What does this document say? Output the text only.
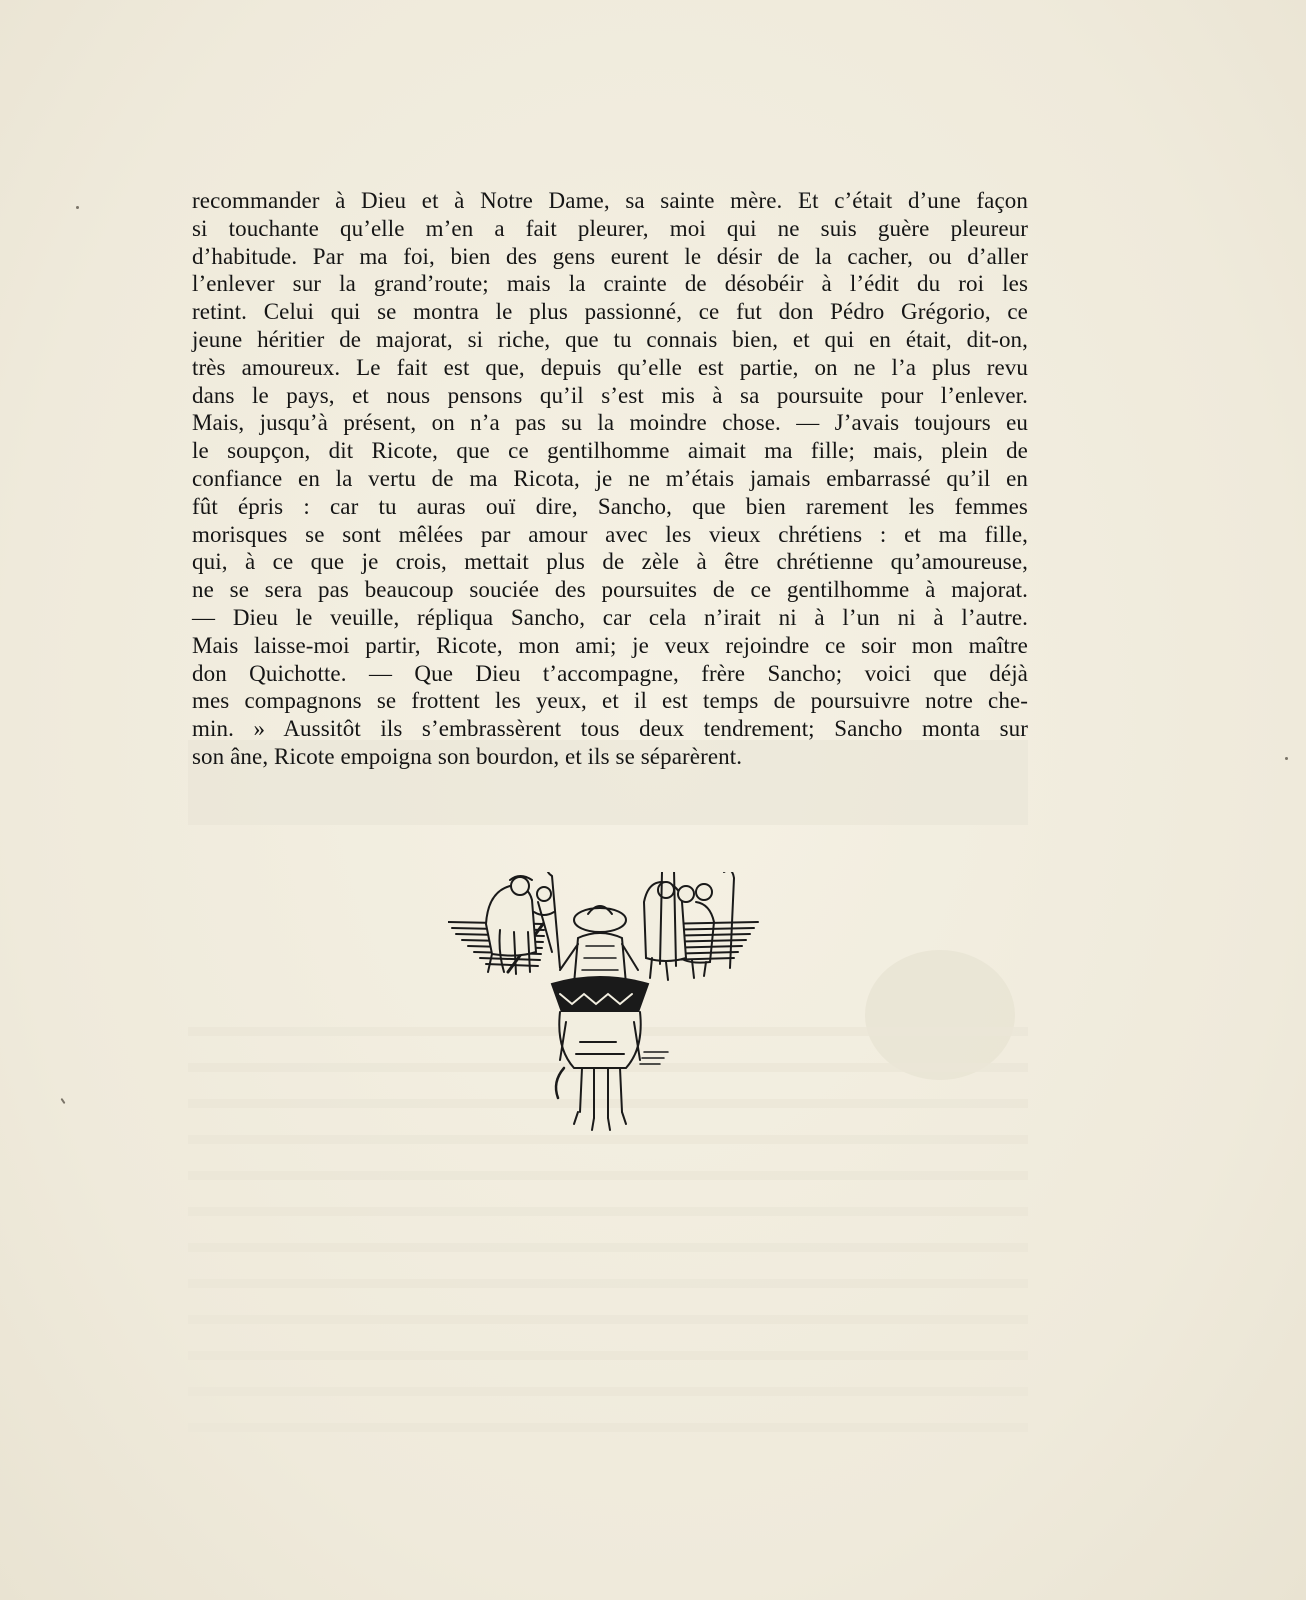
recommander à Dieu et à Notre Dame, sa sainte mère. Et c’était d’une façon
si touchante qu’elle m’en a fait pleurer, moi qui ne suis guère pleureur
d’habitude. Par ma foi, bien des gens eurent le désir de la cacher, ou d’aller
l’enlever sur la grand’route; mais la crainte de désobéir à l’édit du roi les
retint. Celui qui se montra le plus passionné, ce fut don Pédro Grégorio, ce
jeune héritier de majorat, si riche, que tu connais bien, et qui en était, dit-on,
très amoureux. Le fait est que, depuis qu’elle est partie, on ne l’a plus revu
dans le pays, et nous pensons qu’il s’est mis à sa poursuite pour l’enlever.
Mais, jusqu’à présent, on n’a pas su la moindre chose. — J’avais toujours eu
le soupçon, dit Ricote, que ce gentilhomme aimait ma fille; mais, plein de
confiance en la vertu de ma Ricota, je ne m’étais jamais embarrassé qu’il en
fût épris : car tu auras ouï dire, Sancho, que bien rarement les femmes
morisques se sont mêlées par amour avec les vieux chrétiens : et ma fille,
qui, à ce que je crois, mettait plus de zèle à être chrétienne qu’amoureuse,
ne se sera pas beaucoup souciée des poursuites de ce gentilhomme à majorat.
— Dieu le veuille, répliqua Sancho, car cela n’irait ni à l’un ni à l’autre.
Mais laisse-moi partir, Ricote, mon ami; je veux rejoindre ce soir mon maître
don Quichotte. — Que Dieu t’accompagne, frère Sancho; voici que déjà
mes compagnons se frottent les yeux, et il est temps de poursuivre notre che-
min. » Aussitôt ils s’embrassèrent tous deux tendrement; Sancho monta sur
son âne, Ricote empoigna son bourdon, et ils se séparèrent.
